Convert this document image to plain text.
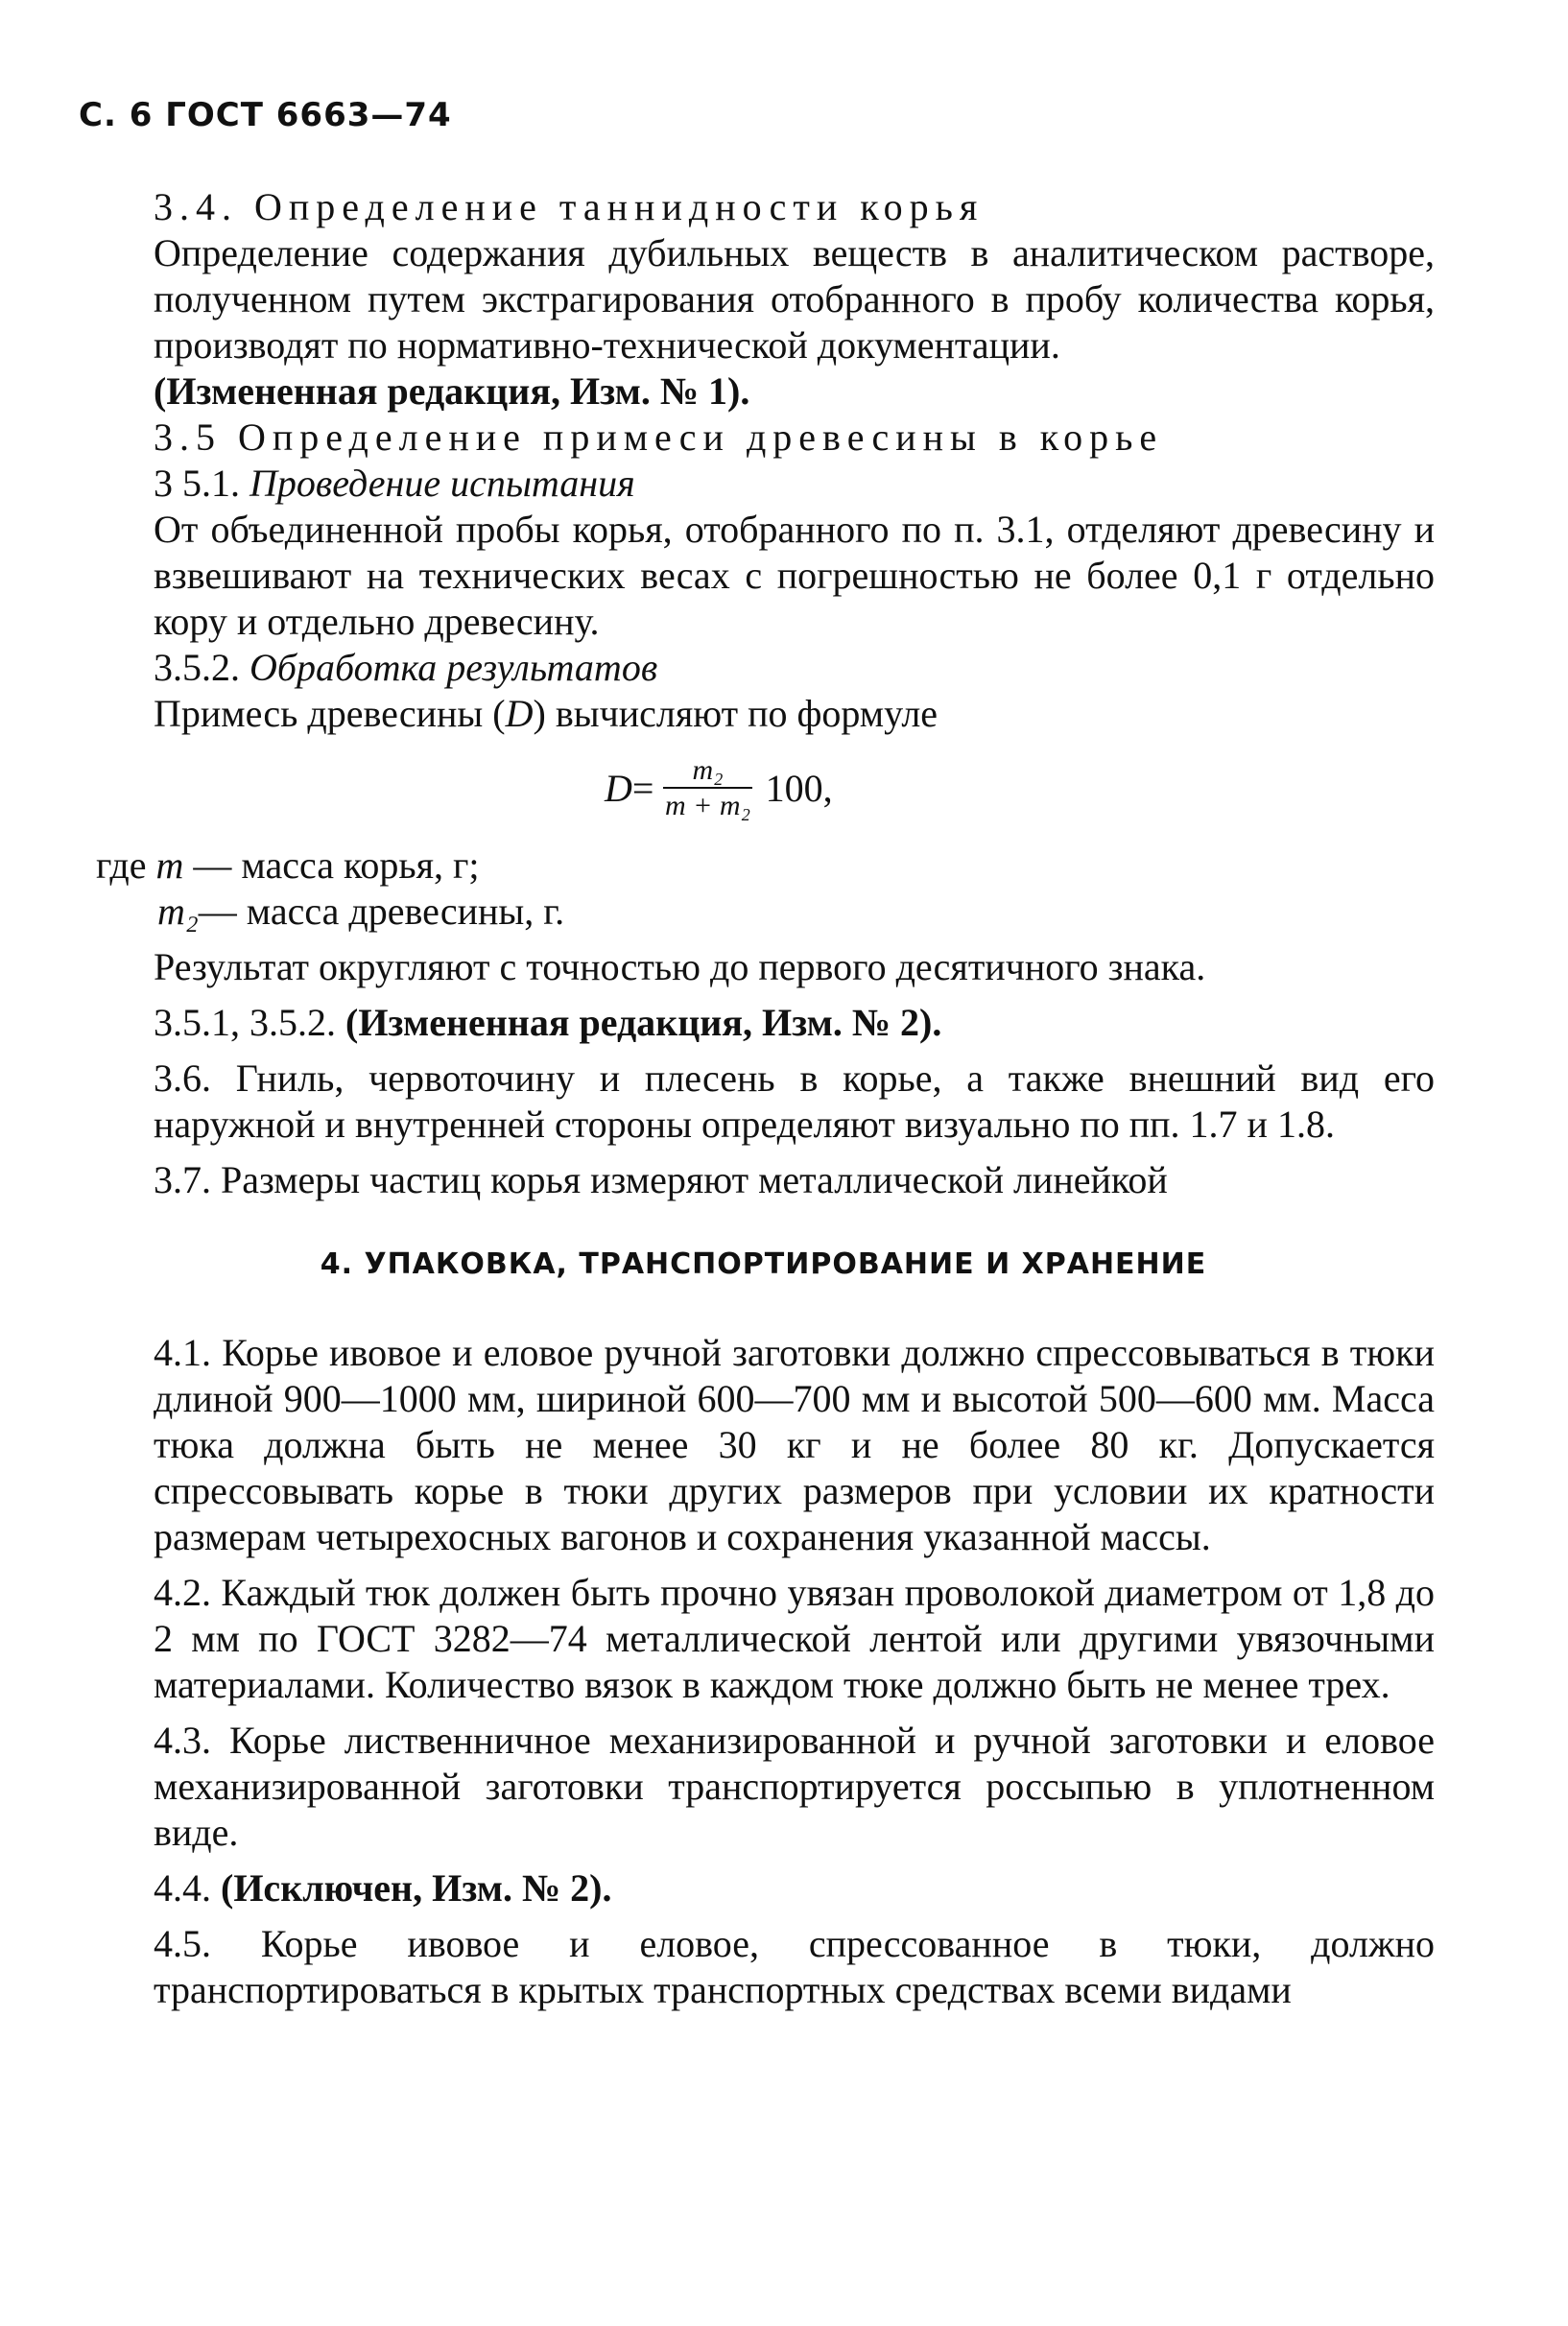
С. 6 ГОСТ 6663—74

3.4. Определение таннидности корья

Определение содержания дубильных веществ в аналитическом растворе, полученном путем экстрагирования отобранного в пробу количества корья, производят по нормативно-технической документации.

(Измененная редакция, Изм. № 1).

3.5 Определение примеси древесины в корье

3 5.1. Проведение испытания

От объединенной пробы корья, отобранного по п. 3.1, отделяют древесину и взвешивают на технических весах с погрешностью не более 0,1 г отдельно кору и отдельно древесину.

3.5.2. Обработка результатов

Примесь древесины (D) вычисляют по формуле

$D = \frac{\text{m₂}}{\text{m + m₂}} 100$,

где m — масса корья, г;

m₂— масса древесины, г.

Результат округляют с точностью до первого десятичного знака.

3.5.1, 3.5.2. (Измененная редакция, Изм. № 2).

3.6. Гниль, червоточину и плесень в корье, а также внешний вид его наружной и внутренней стороны определяют визуально по пп. 1.7 и 1.8.

3.7. Размеры частиц корья измеряют металлической линейкой

4. УПАКОВКА, ТРАНСПОРТИРОВАНИЕ И ХРАНЕНИЕ

4.1. Корье ивовое и еловое ручной заготовки должно спрессовываться в тюки длиной 900—1000 мм, шириной 600—700 мм и высотой 500—600 мм. Масса тюка должна быть не менее 30 кг и не более 80 кг. Допускается спрессовывать корье в тюки других размеров при условии их кратности размерам четырехосных вагонов и сохранения указанной массы.

4.2. Каждый тюк должен быть прочно увязан проволокой диаметром от 1,8 до 2 мм по ГОСТ 3282—74 металлической лентой или другими увязочными материалами. Количество вязок в каждом тюке должно быть не менее трех.

4.3. Корье лиственничное механизированной и ручной заготовки и еловое механизированной заготовки транспортируется россыпью в уплотненном виде.

4.4. (Исключен, Изм. № 2).

4.5. Корье ивовое и еловое, спрессованное в тюки, должно транспортироваться в крытых транспортных средствах всеми видами
